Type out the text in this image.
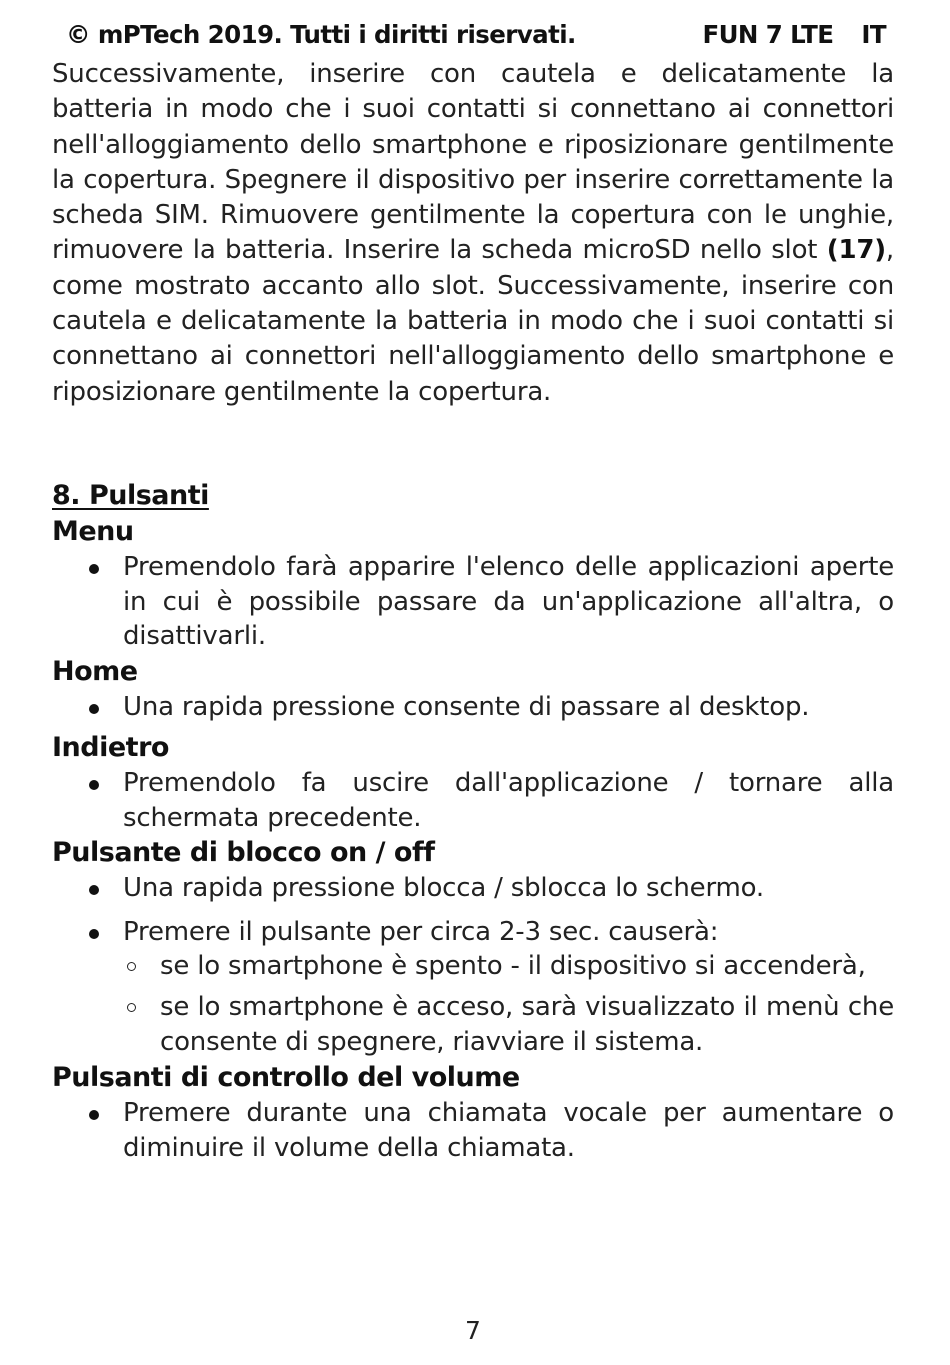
© mPTech 2019. Tutti i diritti riservati.	FUN 7 LTE IT

Successivamente, inserire con cautela e delicatamente la batteria in modo che i suoi contatti si connettano ai connettori nell'alloggiamento dello smartphone e riposizionare gentilmente la copertura. Spegnere il dispositivo per inserire correttamente la scheda SIM. Rimuovere gentilmente la copertura con le unghie, rimuovere la batteria. Inserire la scheda microSD nello slot (17), come mostrato accanto allo slot. Successivamente, inserire con cautela e delicatamente la batteria in modo che i suoi contatti si connettano ai connettori nell'alloggiamento dello smartphone e riposizionare gentilmente la copertura.

8. Pulsanti
Menu
Premendolo farà apparire l'elenco delle applicazioni aperte in cui è possibile passare da un'applicazione all'altra, o disattivarli.
Home
Una rapida pressione consente di passare al desktop.
Indietro
Premendolo fa uscire dall'applicazione / tornare alla schermata precedente.
Pulsante di blocco on / off
Una rapida pressione blocca / sblocca lo schermo.
Premere il pulsante per circa 2-3 sec. causerà:
se lo smartphone è spento - il dispositivo si accenderà,
se lo smartphone è acceso, sarà visualizzato il menù che consente di spegnere, riavviare il sistema.
Pulsanti di controllo del volume
Premere durante una chiamata vocale per aumentare o diminuire il volume della chiamata.
7
